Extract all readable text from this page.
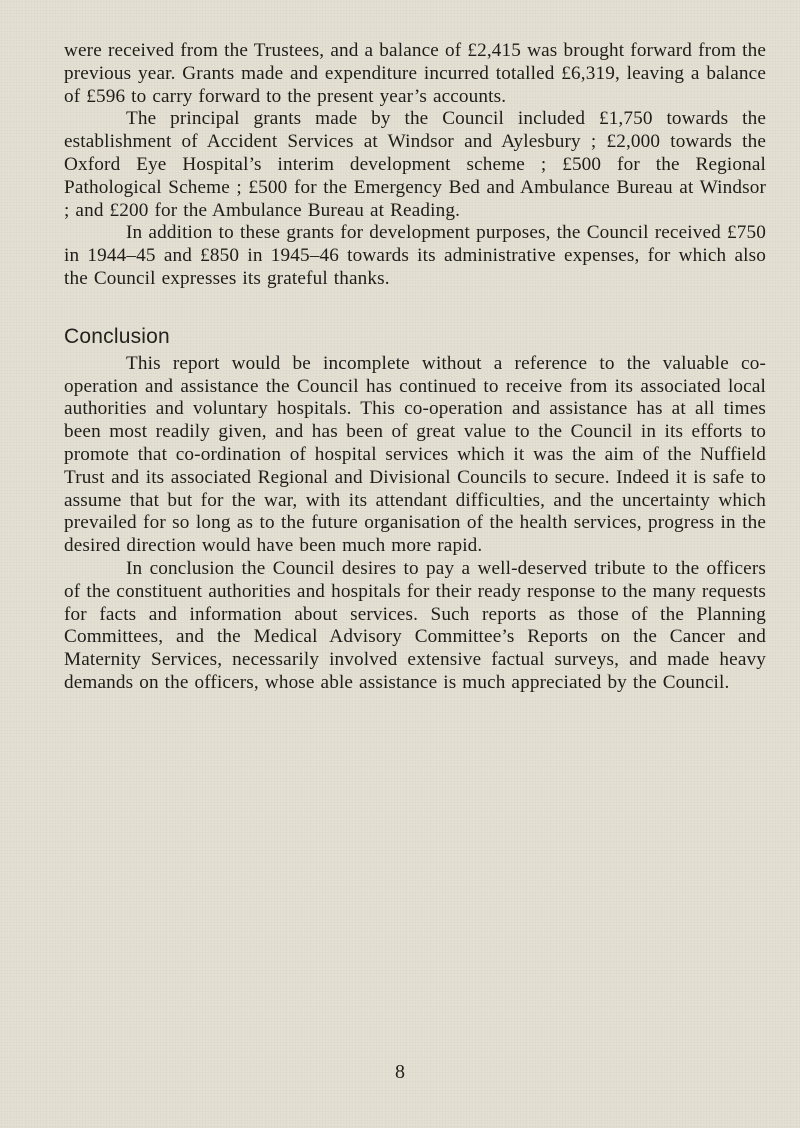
were received from the Trustees, and a balance of £2,415 was brought forward from the previous year. Grants made and expenditure incurred totalled £6,319, leaving a balance of £596 to carry forward to the present year’s accounts.

The principal grants made by the Council included £1,750 towards the establishment of Accident Services at Windsor and Aylesbury ; £2,000 towards the Oxford Eye Hospital’s interim development scheme ; £500 for the Regional Pathological Scheme ; £500 for the Emergency Bed and Ambulance Bureau at Windsor ; and £200 for the Ambulance Bureau at Reading.

In addition to these grants for development purposes, the Council received £750 in 1944–45 and £850 in 1945–46 towards its administrative expenses, for which also the Council expresses its grateful thanks.

Conclusion

This report would be incomplete without a reference to the valuable co-operation and assistance the Council has continued to receive from its associated local authorities and voluntary hospitals. This co-operation and assistance has at all times been most readily given, and has been of great value to the Council in its efforts to promote that co-ordination of hospital services which it was the aim of the Nuffield Trust and its associated Regional and Divisional Councils to secure. Indeed it is safe to assume that but for the war, with its attendant difficulties, and the uncertainty which prevailed for so long as to the future organisation of the health services, progress in the desired direction would have been much more rapid.

In conclusion the Council desires to pay a well-deserved tribute to the officers of the constituent authorities and hospitals for their ready response to the many requests for facts and information about services. Such reports as those of the Planning Committees, and the Medical Advisory Committee’s Reports on the Cancer and Maternity Services, necessarily involved extensive factual surveys, and made heavy demands on the officers, whose able assistance is much appreciated by the Council.

8
